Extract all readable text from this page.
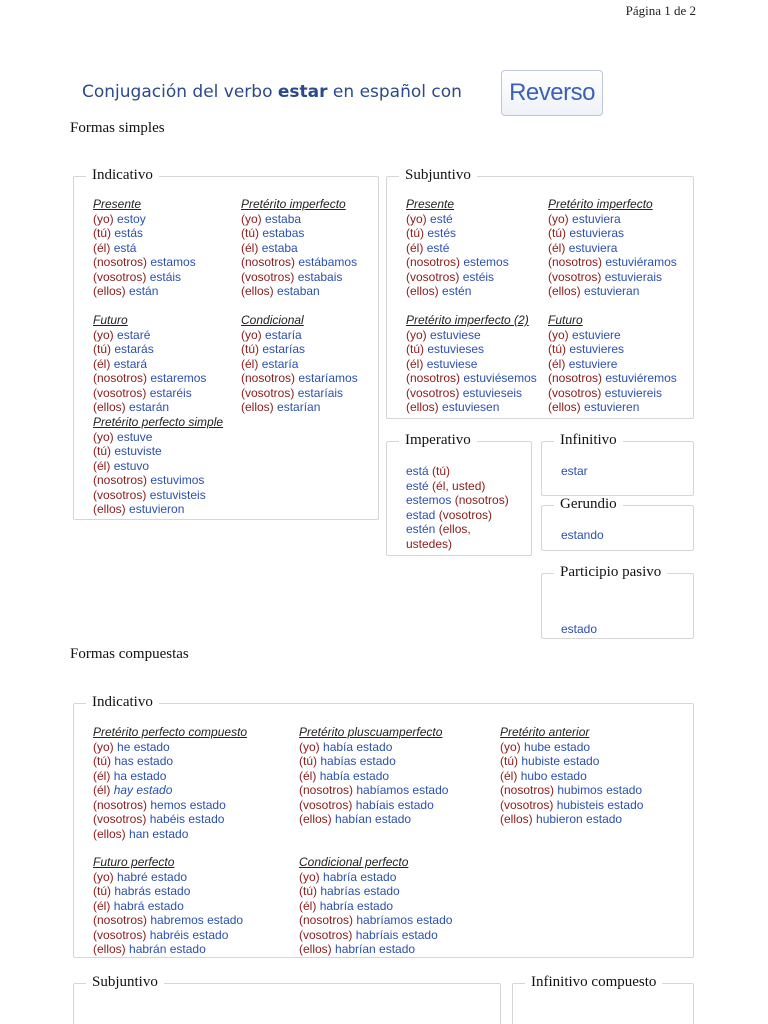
Página 1 de 2
Conjugación del verbo estar en español con Reverso
Formas simples
Indicativo
Presente
(yo) estoy
(tú) estás
(él) está
(nosotros) estamos
(vosotros) estáis
(ellos) están
Pretérito imperfecto
(yo) estaba
(tú) estabas
(él) estaba
(nosotros) estábamos
(vosotros) estabais
(ellos) estaban
Futuro
(yo) estaré
(tú) estarás
(él) estará
(nosotros) estaremos
(vosotros) estaréis
(ellos) estarán
Condicional
(yo) estaría
(tú) estarías
(él) estaría
(nosotros) estaríamos
(vosotros) estaríais
(ellos) estarían
Pretérito perfecto simple
(yo) estuve
(tú) estuviste
(él) estuvo
(nosotros) estuvimos
(vosotros) estuvisteis
(ellos) estuvieron
Subjuntivo
Presente
(yo) esté
(tú) estés
(él) esté
(nosotros) estemos
(vosotros) estéis
(ellos) estén
Pretérito imperfecto
(yo) estuviera
(tú) estuvieras
(él) estuviera
(nosotros) estuviéramos
(vosotros) estuvierais
(ellos) estuvieran
Pretérito imperfecto (2)
(yo) estuviese
(tú) estuvieses
(él) estuviese
(nosotros) estuviésemos
(vosotros) estuvieseis
(ellos) estuviesen
Futuro
(yo) estuviere
(tú) estuvieres
(él) estuviere
(nosotros) estuviéremos
(vosotros) estuviereis
(ellos) estuvieren
Imperativo
está (tú)
esté (él, usted)
estemos (nosotros)
estad (vosotros)
estén (ellos,
ustedes)
Infinitivo
estar
Gerundio
estando
Participio pasivo
estado
Formas compuestas
Indicativo
Pretérito perfecto compuesto
(yo) he estado
(tú) has estado
(él) ha estado
(él) hay estado
(nosotros) hemos estado
(vosotros) habéis estado
(ellos) han estado
Pretérito pluscuamperfecto
(yo) había estado
(tú) habías estado
(él) había estado
(nosotros) habíamos estado
(vosotros) habíais estado
(ellos) habían estado
Pretérito anterior
(yo) hube estado
(tú) hubiste estado
(él) hubo estado
(nosotros) hubimos estado
(vosotros) hubisteis estado
(ellos) hubieron estado
Futuro perfecto
(yo) habré estado
(tú) habrás estado
(él) habrá estado
(nosotros) habremos estado
(vosotros) habréis estado
(ellos) habrán estado
Condicional perfecto
(yo) habría estado
(tú) habrías estado
(él) habría estado
(nosotros) habríamos estado
(vosotros) habríais estado
(ellos) habrían estado
Subjuntivo	Infinitivo compuesto
